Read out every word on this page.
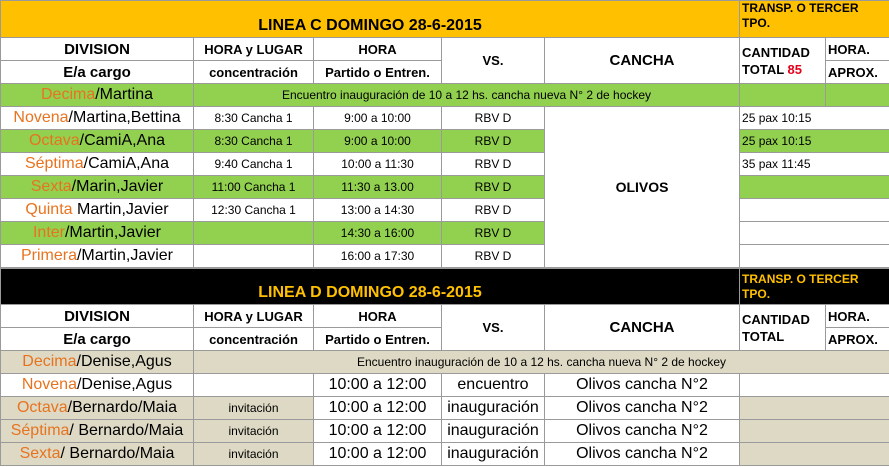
LINEA C DOMINGO 28-6-2015					TRANSP. O TERCER TPO.	
DIVISION	HORA y LUGAR	HORA	VS.	CANCHA	CANTIDAD
TOTAL 85	HORA.
E/a cargo	concentración	Partido o Entren.				APROX.
Decima/Martina	Encuentro inauguración de 10 a 12 hs. cancha nueva N° 2 de hockey					
Novena/Martina,Bettina	8:30 Cancha 1	9:00 a 10:00	RBV D	OLIVOS	25 pax 10:15	
Octava/CamiA,Ana	8:30 Cancha 1	9:00 a 10:00	RBV D		25 pax 10:15	
Séptima/CamiA,Ana	9:40 Cancha 1	10:00 a 11:30	RBV D		35 pax 11:45	
Sexta/Marin,Javier	11:00 Cancha 1	11:30 a 13.00	RBV D			
Quinta Martin,Javier	12:30 Cancha 1	13:00 a 14:30	RBV D			
Inter/Martin,Javier		14:30 a 16:00	RBV D			
Primera/Martin,Javier		16:00 a 17:30	RBV D			
LINEA D DOMINGO 28-6-2015					TRANSP. O TERCER TPO.	
DIVISION	HORA y LUGAR	HORA	VS.	CANCHA	CANTIDAD
TOTAL	HORA.
E/a cargo	concentración	Partido o Entren.				APROX.
Decima/Denise,Agus	Encuentro inauguración de 10 a 12 hs. cancha nueva N° 2 de hockey					
Novena/Denise,Agus		10:00 a 12:00	encuentro	Olivos cancha N°2		
Octava/Bernardo/Maia	invitación	10:00 a 12:00	inauguración	Olivos cancha N°2		
Séptima/ Bernardo/Maia	invitación	10:00 a 12:00	inauguración	Olivos cancha N°2		
Sexta/ Bernardo/Maia	invitación	10:00 a 12:00	inauguración	Olivos cancha N°2		
